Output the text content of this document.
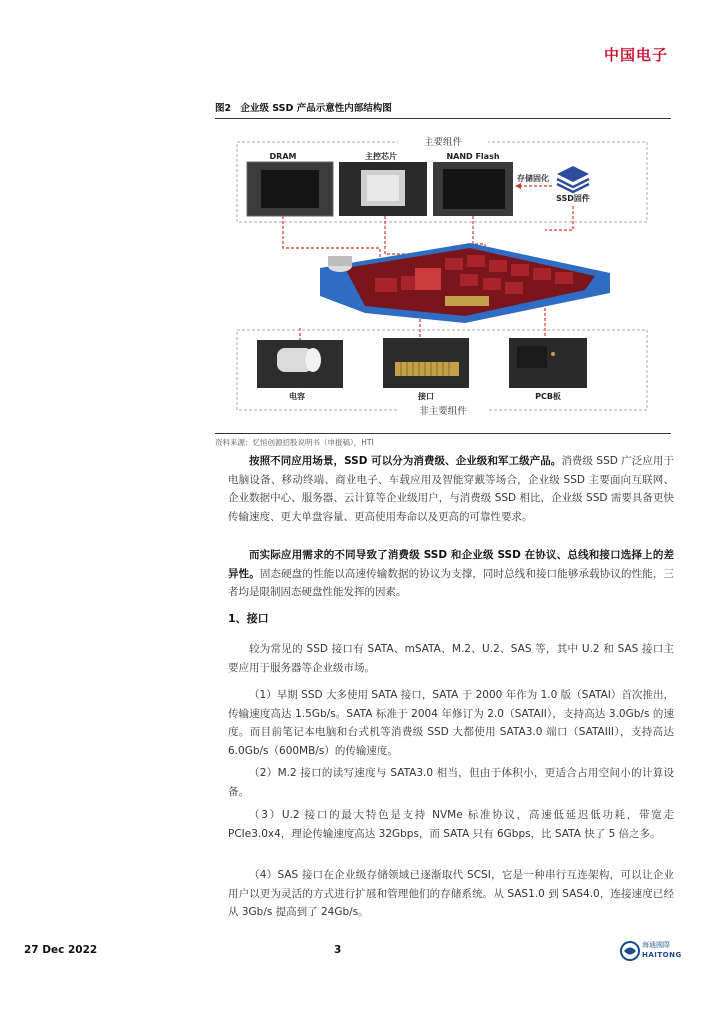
中国电子
图2 企业级 SSD 产品示意性内部结构图
主要组件
DRAM	主控芯片	NAND Flash
存储固化
SSD固件
电容	接口	PCB板
非主要组件
资料来源：忆恒创源招股说明书（申报稿），HTI

按照不同应用场景，SSD 可以分为消费级、企业级和军工级产品。消费级 SSD 广泛应用于电脑设备、移动终端、商业电子、车载应用及智能穿戴等场合，企业级 SSD 主要面向互联网、企业数据中心、服务器、云计算等企业级用户，与消费级 SSD 相比，企业级 SSD 需要具备更快传输速度、更大单盘容量、更高使用寿命以及更高的可靠性要求。

而实际应用需求的不同导致了消费级 SSD 和企业级 SSD 在协议、总线和接口选择上的差异性。固态硬盘的性能以高速传输数据的协议为支撑，同时总线和接口能够承载协议的性能，三者均是限制固态硬盘性能发挥的因素。

1、接口

较为常见的 SSD 接口有 SATA、mSATA、M.2、U.2、SAS 等，其中 U.2 和 SAS 接口主要应用于服务器等企业级市场。

（1）早期 SSD 大多使用 SATA 接口，SATA 于 2000 年作为 1.0 版（SATAI）首次推出，传输速度高达 1.5Gb/s。SATA 标准于 2004 年修订为 2.0（SATAII），支持高达 3.0Gb/s 的速度。而目前笔记本电脑和台式机等消费级 SSD 大都使用 SATA3.0 端口（SATAIII），支持高达 6.0Gb/s（600MB/s）的传输速度。

（2）M.2 接口的读写速度与 SATA3.0 相当，但由于体积小，更适合占用空间小的计算设备。

（3）U.2 接口的最大特色是支持 NVMe 标准协议，高速低延迟低功耗，带宽走 PCIe3.0x4，理论传输速度高达 32Gbps，而 SATA 只有 6Gbps，比 SATA 快了 5 倍之多。

（4）SAS 接口在企业级存储领域已逐渐取代 SCSI，它是一种串行互连架构，可以让企业用户以更为灵活的方式进行扩展和管理他们的存储系统。从 SAS1.0 到 SAS4.0，连接速度已经从 3Gb/s 提高到了 24Gb/s。

27 Dec 2022	3	海通國際
HAITONG
